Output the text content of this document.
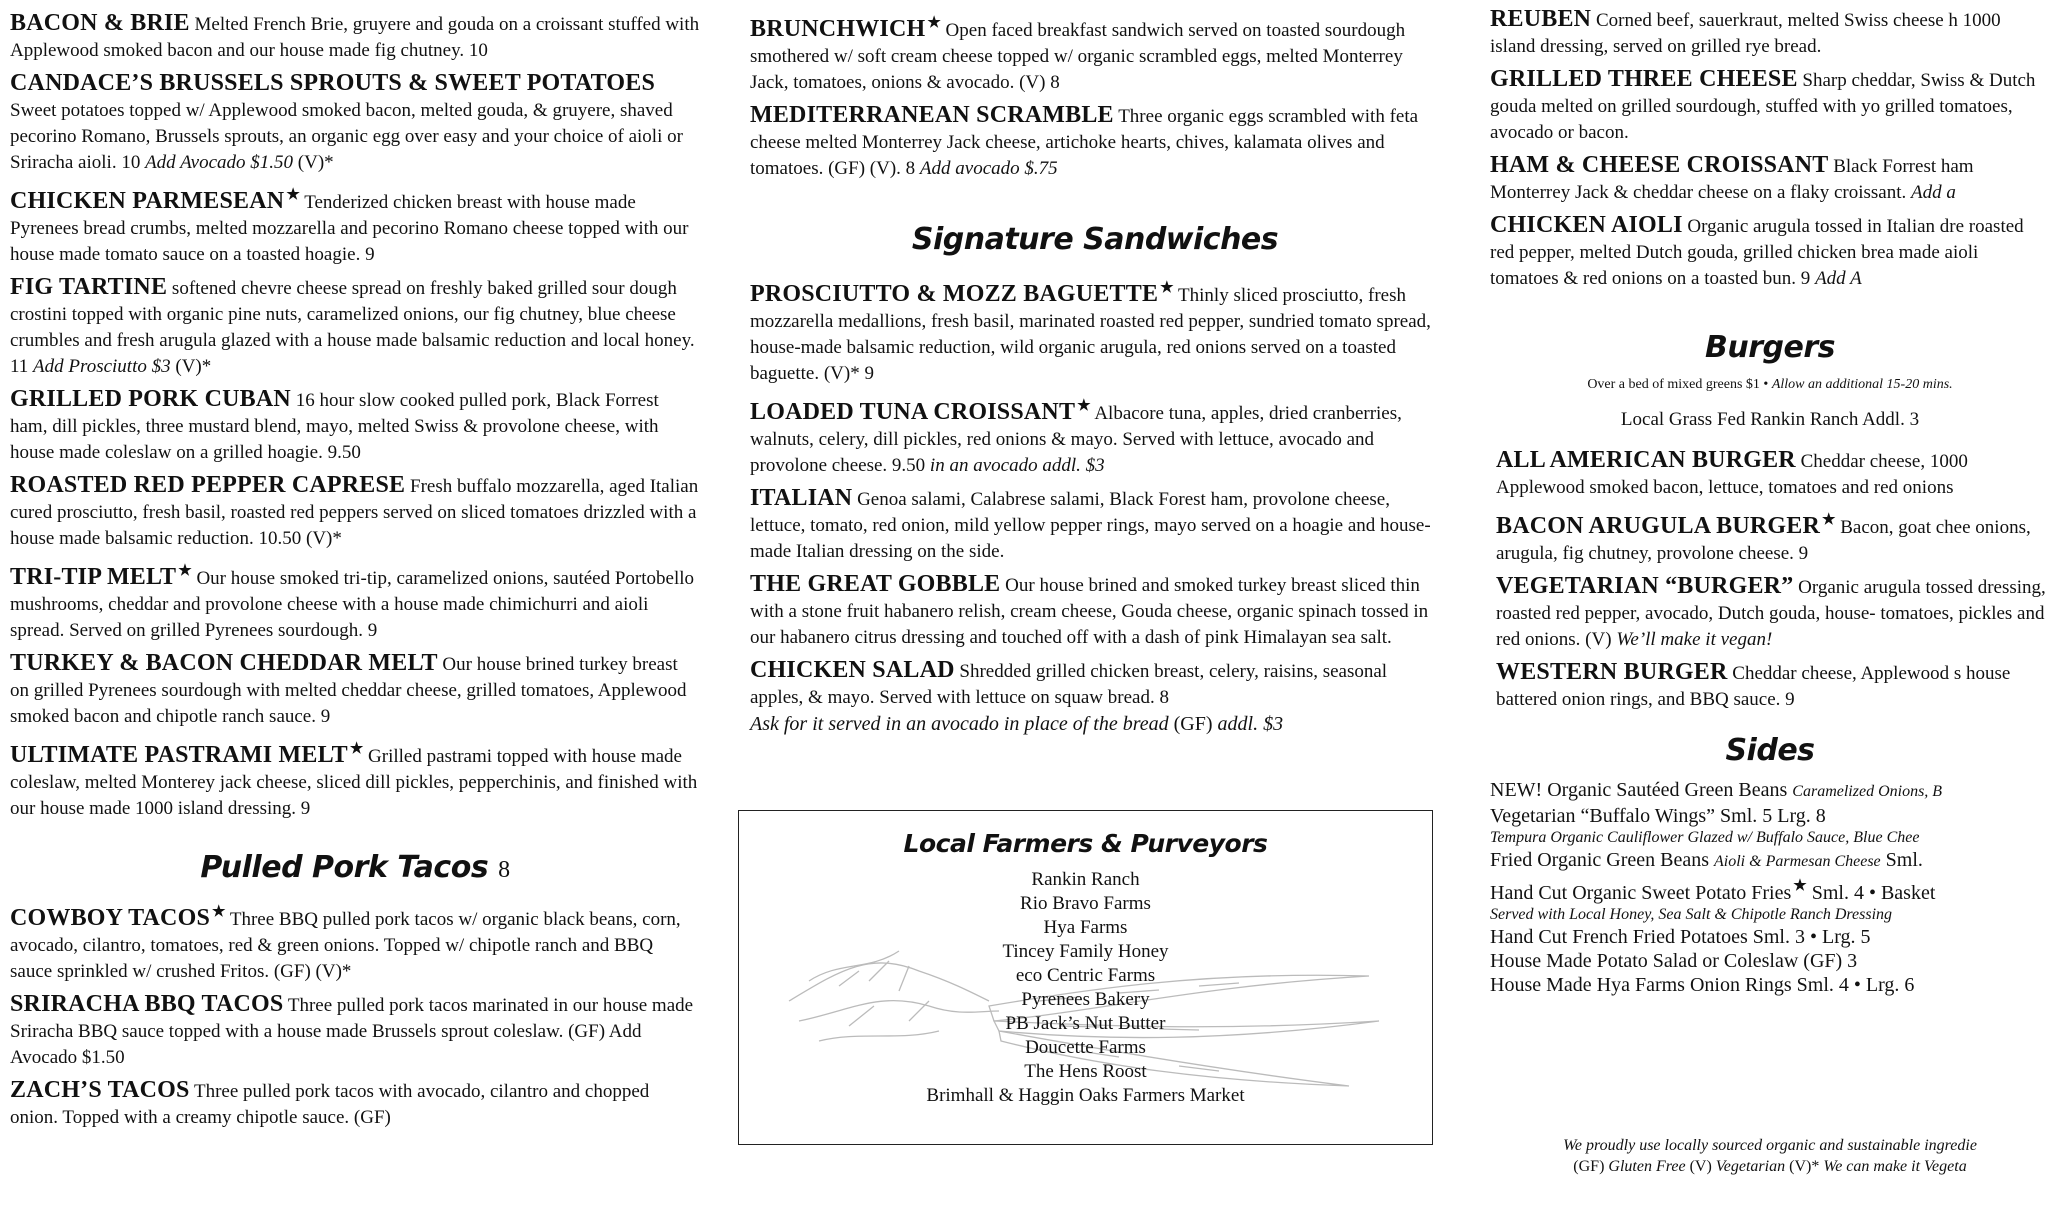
BACON & BRIE Melted French Brie, gruyere and gouda on a croissant stuffed with Applewood smoked bacon and our house made fig chutney. 10
CANDACE’S BRUSSELS SPROUTS & SWEET POTATOES Sweet potatoes topped w/ Applewood smoked bacon, melted gouda, & gruyere, shaved pecorino Romano, Brussels sprouts, an organic egg over easy and your choice of aioli or Sriracha aioli. 10 Add Avocado $1.50 (V)*
CHICKEN PARMESEAN ★ Tenderized chicken breast with house made Pyrenees bread crumbs, melted mozzarella and pecorino Romano cheese topped with our house made tomato sauce on a toasted hoagie. 9
FIG TARTINE softened chevre cheese spread on freshly baked grilled sour dough crostini topped with organic pine nuts, caramelized onions, our fig chutney, blue cheese crumbles and fresh arugula glazed with a house made balsamic reduction and local honey. 11 Add Prosciutto $3 (V)*
GRILLED PORK CUBAN 16 hour slow cooked pulled pork, Black Forrest ham, dill pickles, three mustard blend, mayo, melted Swiss & provolone cheese, with house made coleslaw on a grilled hoagie. 9.50
ROASTED RED PEPPER CAPRESE Fresh buffalo mozzarella, aged Italian cured prosciutto, fresh basil, roasted red peppers served on sliced tomatoes drizzled with a house made balsamic reduction. 10.50 (V)*
TRI-TIP MELT ★ Our house smoked tri-tip, caramelized onions, sautéed Portobello mushrooms, cheddar and provolone cheese with a house made chimichurri and aioli spread. Served on grilled Pyrenees sourdough. 9
TURKEY & BACON CHEDDAR MELT Our house brined turkey breast on grilled Pyrenees sourdough with melted cheddar cheese, grilled tomatoes, Applewood smoked bacon and chipotle ranch sauce. 9
ULTIMATE PASTRAMI MELT ★ Grilled pastrami topped with house made coleslaw, melted Monterey jack cheese, sliced dill pickles, pepperchinis, and finished with our house made 1000 island dressing. 9
Pulled Pork Tacos 8
COWBOY TACOS ★ Three BBQ pulled pork tacos w/ organic black beans, corn, avocado, cilantro, tomatoes, red & green onions. Topped w/ chipotle ranch and BBQ sauce sprinkled w/ crushed Fritos. (GF) (V)*
SRIRACHA BBQ TACOS Three pulled pork tacos marinated in our house made Sriracha BBQ sauce topped with a house made Brussels sprout coleslaw. (GF) Add Avocado $1.50
ZACH’S TACOS Three pulled pork tacos with avocado, cilantro and chopped onion. Topped with a creamy chipotle sauce. (GF)
BRUNCHWICH ★ Open faced breakfast sandwich served on toasted sourdough smothered w/ soft cream cheese topped w/ organic scrambled eggs, melted Monterrey Jack, tomatoes, onions & avocado. (V) 8
MEDITERRANEAN SCRAMBLE Three organic eggs scrambled with feta cheese melted Monterrey Jack cheese, artichoke hearts, chives, kalamata olives and tomatoes. (GF) (V). 8 Add avocado $.75
Signature Sandwiches
PROSCIUTTO & MOZZ BAGUETTE ★ Thinly sliced prosciutto, fresh mozzarella medallions, fresh basil, marinated roasted red pepper, sundried tomato spread, house-made balsamic reduction, wild organic arugula, red onions served on a toasted baguette. (V)* 9
LOADED TUNA CROISSANT ★ Albacore tuna, apples, dried cranberries, walnuts, celery, dill pickles, red onions & mayo. Served with lettuce, avocado and provolone cheese. 9.50 in an avocado addl. $3
ITALIAN Genoa salami, Calabrese salami, Black Forest ham, provolone cheese, lettuce, tomato, red onion, mild yellow pepper rings, mayo served on a hoagie and house-made Italian dressing on the side.
THE GREAT GOBBLE Our house brined and smoked turkey breast sliced thin with a stone fruit habanero relish, cream cheese, Gouda cheese, organic spinach tossed in our habanero citrus dressing and touched off with a dash of pink Himalayan sea salt.
CHICKEN SALAD Shredded grilled chicken breast, celery, raisins, seasonal apples, & mayo. Served with lettuce on squaw bread. 8
Ask for it served in an avocado in place of the bread (GF) addl. $3
Local Farmers & Purveyors
Rankin Ranch
Rio Bravo Farms
Hya Farms
Tincey Family Honey
eco Centric Farms
Pyrenees Bakery
PB Jack’s Nut Butter
Doucette Farms
The Hens Roost
Brimhall & Haggin Oaks Farmers Market
REUBEN Corned beef, sauerkraut, melted Swiss cheese h 1000 island dressing, served on grilled rye bread.
GRILLED THREE CHEESE Sharp cheddar, Swiss & Dutch gouda melted on grilled sourdough, stuffed with yo grilled tomatoes, avocado or bacon.
HAM & CHEESE CROISSANT Black Forrest ham Monterrey Jack & cheddar cheese on a flaky croissant. Add a
CHICKEN AIOLI Organic arugula tossed in Italian dre roasted red pepper, melted Dutch gouda, grilled chicken brea made aioli tomatoes & red onions on a toasted bun. 9 Add A
Burgers
Over a bed of mixed greens $1 • Allow an additional 15-20 mins.
Local Grass Fed Rankin Ranch Addl. 3
ALL AMERICAN BURGER Cheddar cheese, 1000 Applewood smoked bacon, lettuce, tomatoes and red onions
BACON ARUGULA BURGER ★ Bacon, goat chee onions, arugula, fig chutney, provolone cheese. 9
VEGETARIAN “BURGER” Organic arugula tossed dressing, roasted red pepper, avocado, Dutch gouda, house- tomatoes, pickles and red onions. (V) We’ll make it vegan!
WESTERN BURGER Cheddar cheese, Applewood s house battered onion rings, and BBQ sauce. 9
Sides
NEW! Organic Sautéed Green Beans Caramelized Onions, B
Vegetarian “Buffalo Wings” Sml. 5 Lrg. 8
Tempura Organic Cauliflower Glazed w/ Buffalo Sauce, Blue Chee
Fried Organic Green Beans Aioli & Parmesan Cheese Sml.
Hand Cut Organic Sweet Potato Fries ★ Sml. 4 • Basket
Served with Local Honey, Sea Salt & Chipotle Ranch Dressing
Hand Cut French Fried Potatoes Sml. 3 • Lrg. 5
House Made Potato Salad or Coleslaw (GF) 3
House Made Hya Farms Onion Rings Sml. 4 • Lrg. 6
We proudly use locally sourced organic and sustainable ingredie
(GF) Gluten Free (V) Vegetarian (V)* We can make it Vegeta
